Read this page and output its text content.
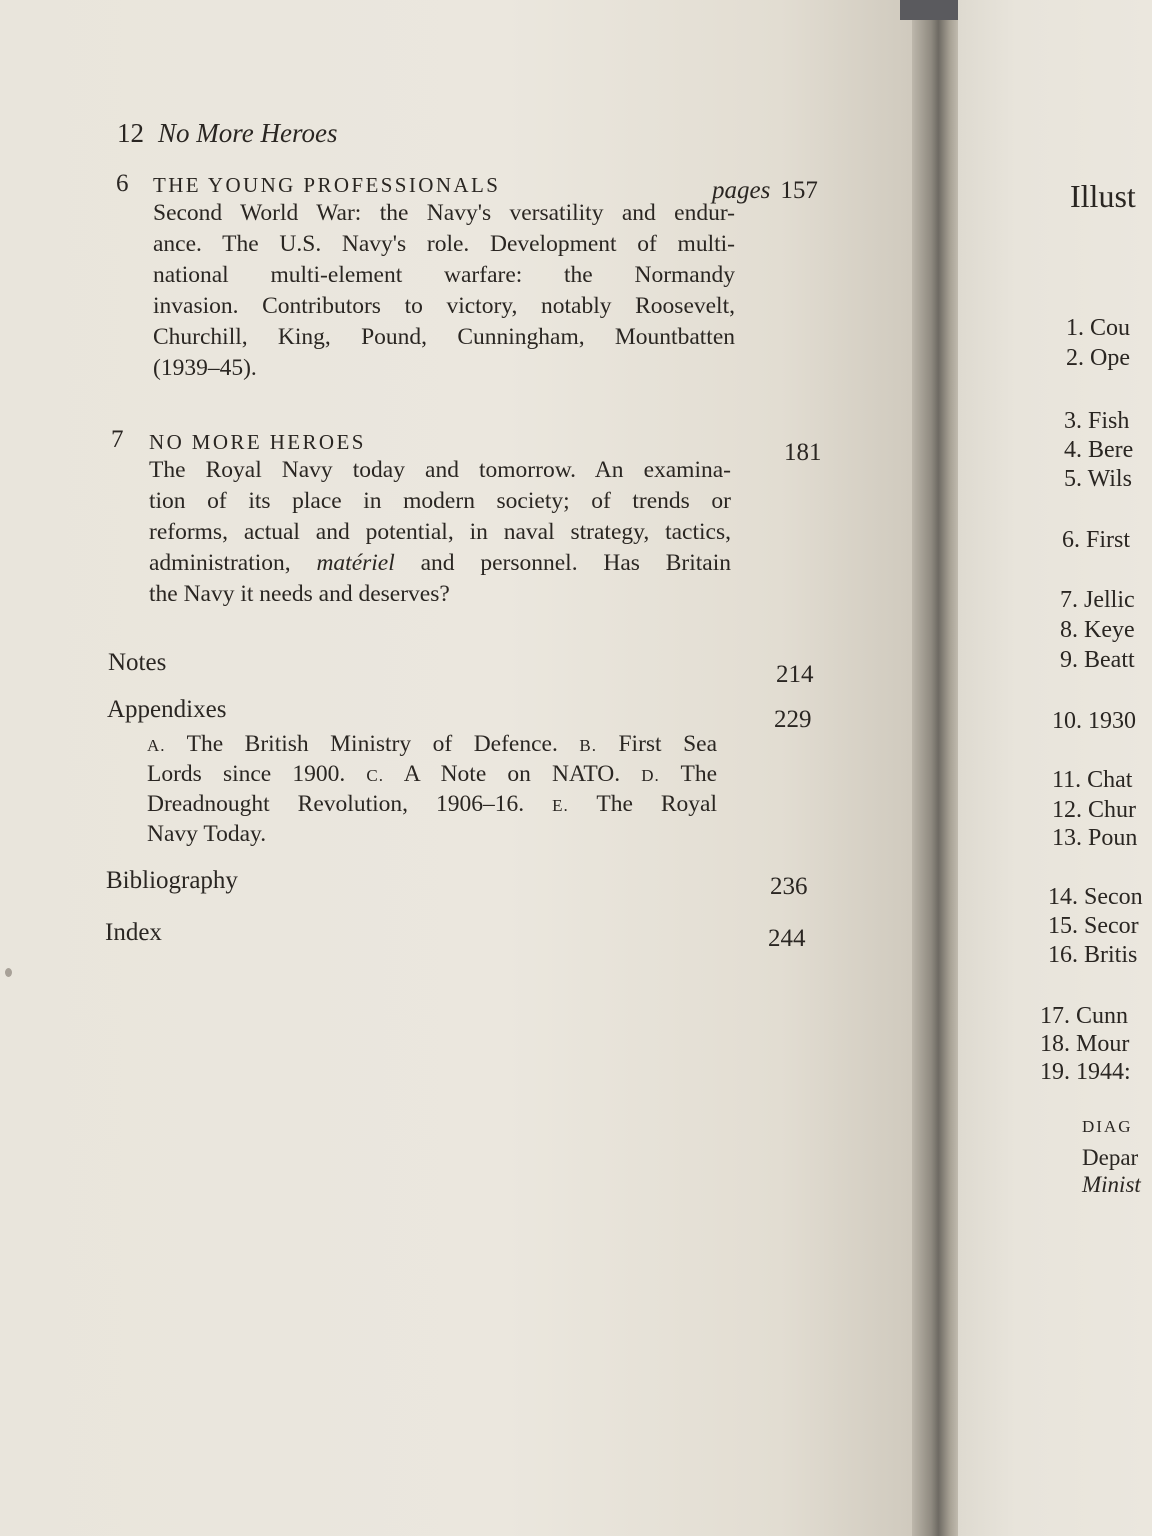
12 No More Heroes
6 THE YOUNG PROFESSIONALS	pages 157
Second World War: the Navy's versatility and endur-
ance. The U.S. Navy's role. Development of multi-
national multi-element warfare: the Normandy
invasion. Contributors to victory, notably Roosevelt,
Churchill, King, Pound, Cunningham, Mountbatten
(1939–45).
7 NO MORE HEROES	181
The Royal Navy today and tomorrow. An examina-
tion of its place in modern society; of trends or
reforms, actual and potential, in naval strategy, tactics,
administration, matériel and personnel. Has Britain
the Navy it needs and deserves?
Notes	214
Appendixes	229
A. The British Ministry of Defence. B. First Sea
Lords since 1900. C. A Note on NATO. D. The
Dreadnought Revolution, 1906–16. E. The Royal
Navy Today.
Bibliography	236
Index	244
Illust
1. Cou
2. Ope
3. Fish
4. Bere
5. Wils
6. First
7. Jellic
8. Keye
9. Beatt
10. 1930
11. Chat
12. Chur
13. Poun
14. Secon
15. Secor
16. Britis
17. Cunn
18. Mour
19. 1944:
DIAG
Depar
Minist
